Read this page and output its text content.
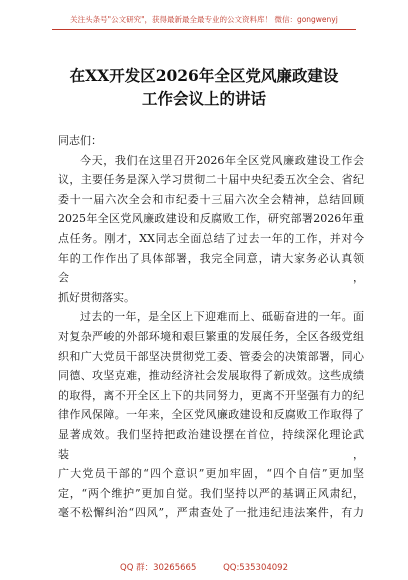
关注头条号"公文研究"，获得最新最全最专业的公文资料库！ 微信：gongwenyj
在XX开发区2026年全区党风廉政建设
工作会议上的讲话

同志们：

今天，我们在这里召开2026年全区党风廉政建设工作会

议，主要任务是深入学习贯彻二十届中央纪委五次全会、省纪

委十一届六次全会和市纪委十三届六次全会精神，总结回顾

2025年全区党风廉政建设和反腐败工作，研究部署2026年重

点任务。刚才，XX同志全面总结了过去一年的工作，并对今

年的工作作出了具体部署，我完全同意，请大家务必认真领会，

抓好贯彻落实。

过去的一年，是全区上下迎难而上、砥砺奋进的一年。面

对复杂严峻的外部环境和艰巨繁重的发展任务，全区各级党组

织和广大党员干部坚决贯彻党工委、管委会的决策部署，同心

同德、攻坚克难，推动经济社会发展取得了新成效。这些成绩

的取得，离不开全区上下的共同努力，更离不开坚强有力的纪

律作风保障。一年来，全区党风廉政建设和反腐败工作取得了

显著成效。我们坚持把政治建设摆在首位，持续深化理论武装，

广大党员干部的“四个意识”更加牢固，“四个自信”更加坚

定，“两个维护”更加自觉。我们坚持以严的基调正风肃纪，

毫不松懈纠治“四风”，严肃查处了一批违纪违法案件，有力

QQ 群：30265665	QQ:535304092
